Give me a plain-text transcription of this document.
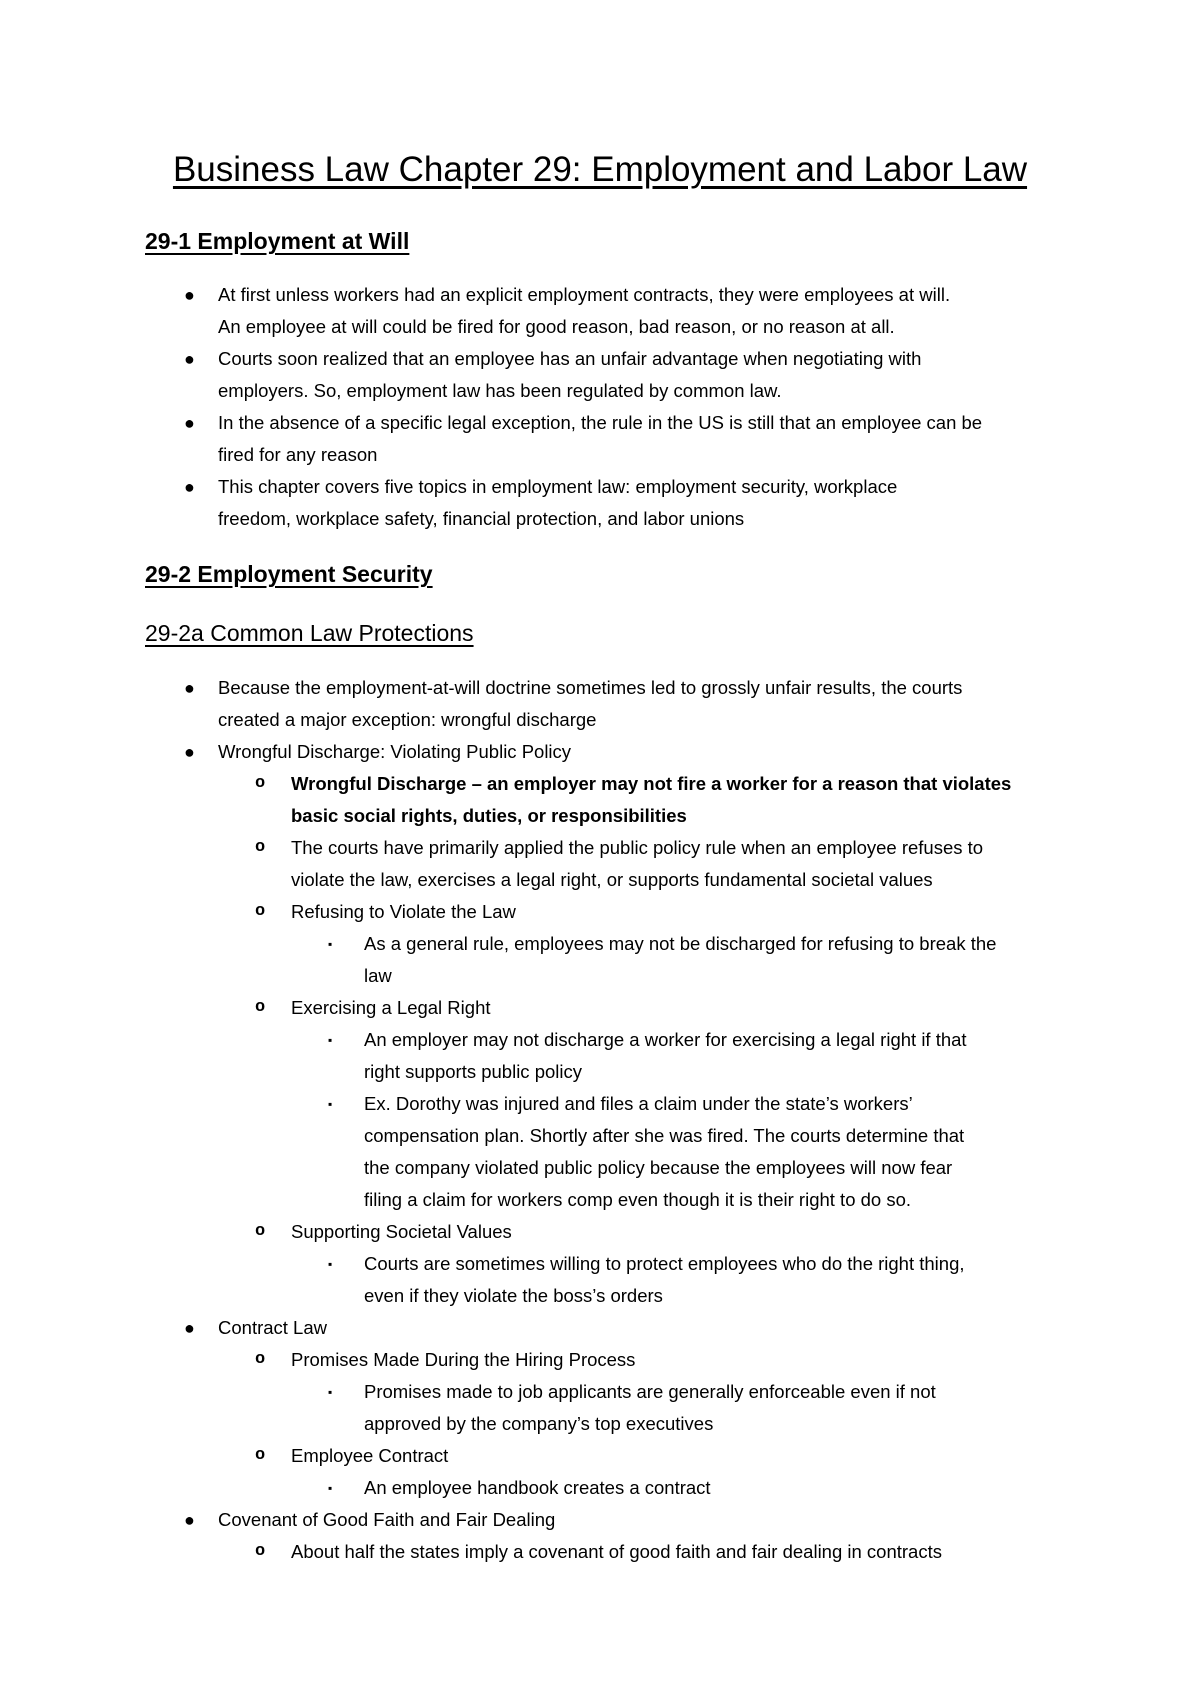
Business Law Chapter 29: Employment and Labor Law
29-1 Employment at Will
● At first unless workers had an explicit employment contracts, they were employees at will.
An employee at will could be fired for good reason, bad reason, or no reason at all.
● Courts soon realized that an employee has an unfair advantage when negotiating with
employers. So, employment law has been regulated by common law.
● In the absence of a specific legal exception, the rule in the US is still that an employee can be
fired for any reason
● This chapter covers five topics in employment law: employment security, workplace
freedom, workplace safety, financial protection, and labor unions
29-2 Employment Security
29-2a Common Law Protections
● Because the employment-at-will doctrine sometimes led to grossly unfair results, the courts
created a major exception: wrongful discharge
● Wrongful Discharge: Violating Public Policy
o Wrongful Discharge – an employer may not fire a worker for a reason that violates
basic social rights, duties, or responsibilities
o The courts have primarily applied the public policy rule when an employee refuses to
violate the law, exercises a legal right, or supports fundamental societal values
o Refusing to Violate the Law
▪ As a general rule, employees may not be discharged for refusing to break the
law
o Exercising a Legal Right
▪ An employer may not discharge a worker for exercising a legal right if that
right supports public policy
▪ Ex. Dorothy was injured and files a claim under the state’s workers’
compensation plan. Shortly after she was fired. The courts determine that
the company violated public policy because the employees will now fear
filing a claim for workers comp even though it is their right to do so.
o Supporting Societal Values
▪ Courts are sometimes willing to protect employees who do the right thing,
even if they violate the boss’s orders
● Contract Law
o Promises Made During the Hiring Process
▪ Promises made to job applicants are generally enforceable even if not
approved by the company’s top executives
o Employee Contract
▪ An employee handbook creates a contract
● Covenant of Good Faith and Fair Dealing
o About half the states imply a covenant of good faith and fair dealing in contracts
